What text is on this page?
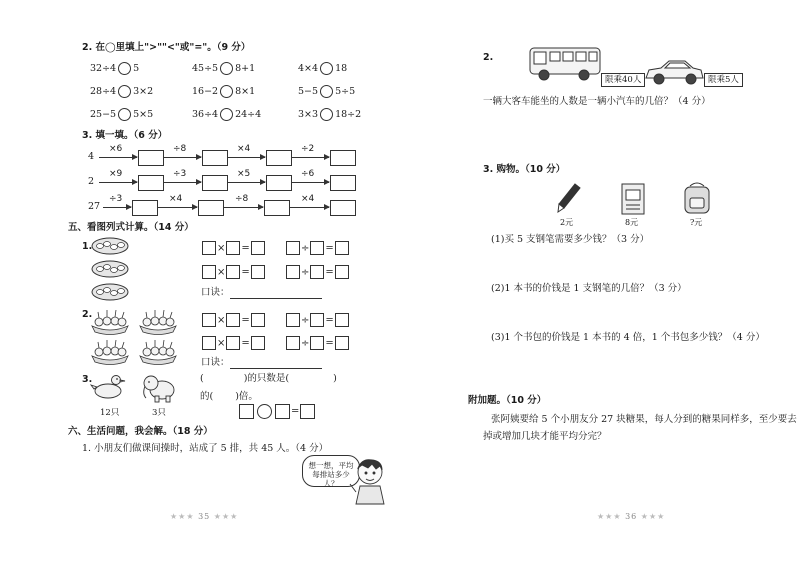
2. 在◯里填上">""<"或"="。（9 分）
32÷4 5	45÷5 8+1	4×4 18
28÷4 3×2	16−2 8×1	5−5 5÷5
25−5 5×5	36÷4 24÷4	3×3 18÷2
3. 填一填。（6 分）
4
×6	÷8	×4	÷2
2
×9	÷3	×5	÷6
27
÷3	×4	÷8	×4
五、看图列式计算。（14 分）
1.	× =	÷ =
× =	÷ =
口诀：
2.	× =	÷ =
× =	÷ =
口诀：
3.
12只	3只
(	)的只数是(	)
的( )倍。
=
六、生活问题，我会解。（18 分）
1. 小朋友们做课间操时，站成了 5 排，共 45 人。（4 分）
想一想，平均每排站多少人？
★★★ 35 ★★★
2.
限乘40人	限乘5人
一辆大客车能坐的人数是一辆小汽车的几倍？（4 分）
3. 购物。（10 分）
2元	8元	?元
(1)买 5 支钢笔需要多少钱？（3 分）
(2)1 本书的价钱是 1 支钢笔的几倍？（3 分）
(3)1 个书包的价钱是 1 本书的 4 倍，1 个书包多少钱？（4 分）
附加题。（10 分）
张阿姨要给 5 个小朋友分 27 块糖果，每人分到的糖果同样多，至少要去
掉或增加几块才能平均分完？
★★★ 36 ★★★
